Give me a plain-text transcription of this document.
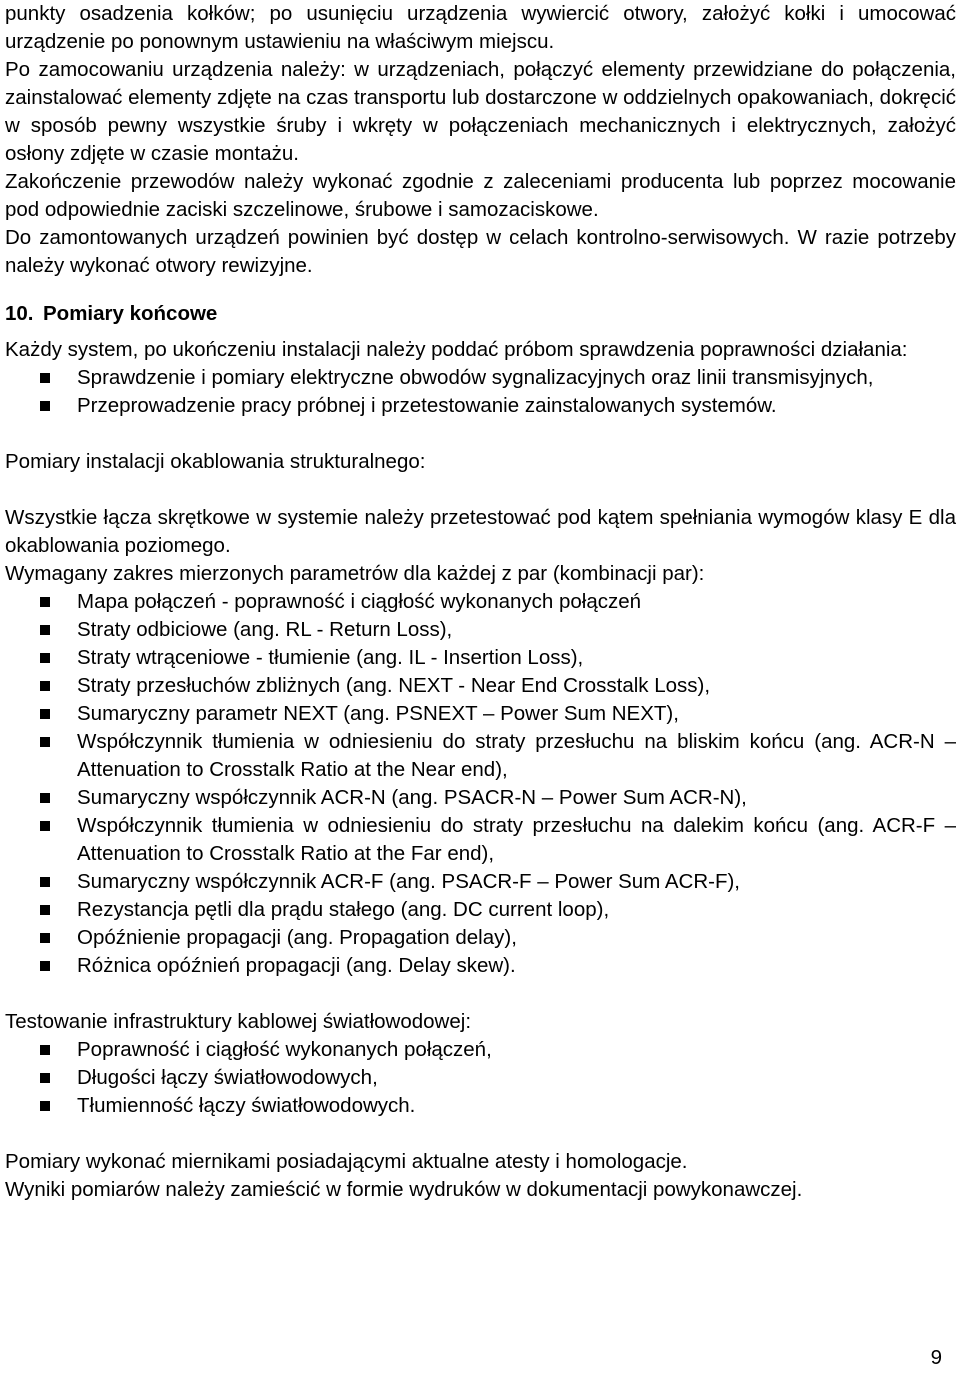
punkty osadzenia kołków; po usunięciu urządzenia wywiercić otwory, założyć kołki i umocować urządzenie po ponownym ustawieniu na właściwym miejscu.

Po zamocowaniu urządzenia należy: w urządzeniach, połączyć elementy przewidziane do połączenia, zainstalować elementy zdjęte na czas transportu lub dostarczone w oddzielnych opakowaniach, dokręcić w sposób pewny wszystkie śruby i wkręty w połączeniach mechanicznych i elektrycznych, założyć osłony zdjęte w czasie montażu.

Zakończenie przewodów należy wykonać zgodnie z zaleceniami producenta lub poprzez mocowanie pod odpowiednie zaciski szczelinowe, śrubowe i samozaciskowe.

Do zamontowanych urządzeń powinien być dostęp w celach kontrolno-serwisowych. W razie potrzeby należy wykonać otwory rewizyjne.

10. Pomiary końcowe

Każdy system, po ukończeniu instalacji należy poddać próbom sprawdzenia poprawności działania:

Sprawdzenie i pomiary elektryczne obwodów sygnalizacyjnych oraz linii transmisyjnych,
Przeprowadzenie pracy próbnej i przetestowanie zainstalowanych systemów.

Pomiary instalacji okablowania strukturalnego:

Wszystkie łącza skrętkowe w systemie należy przetestować pod kątem spełniania wymogów klasy E dla okablowania poziomego.

Wymagany zakres mierzonych parametrów dla każdej z par (kombinacji par):

Mapa połączeń - poprawność i ciągłość wykonanych połączeń
Straty odbiciowe (ang. RL - Return Loss),
Straty wtrąceniowe - tłumienie (ang. IL - Insertion Loss),
Straty przesłuchów zbliżnych (ang. NEXT - Near End Crosstalk Loss),
Sumaryczny parametr NEXT (ang. PSNEXT – Power Sum NEXT),
Współczynnik tłumienia w odniesieniu do straty przesłuchu na bliskim końcu (ang. ACR-N – Attenuation to Crosstalk Ratio at the Near end),
Sumaryczny współczynnik ACR-N (ang. PSACR-N – Power Sum ACR-N),
Współczynnik tłumienia w odniesieniu do straty przesłuchu na dalekim końcu (ang. ACR-F – Attenuation to Crosstalk Ratio at the Far end),
Sumaryczny współczynnik ACR-F (ang. PSACR-F – Power Sum ACR-F),
Rezystancja pętli dla prądu stałego (ang. DC current loop),
Opóźnienie propagacji (ang. Propagation delay),
Różnica opóźnień propagacji (ang. Delay skew).

Testowanie infrastruktury kablowej światłowodowej:

Poprawność i ciągłość wykonanych połączeń,
Długości łączy światłowodowych,
Tłumienność łączy światłowodowych.

Pomiary wykonać miernikami posiadającymi aktualne atesty i homologacje.

Wyniki pomiarów należy zamieścić w formie wydruków w dokumentacji powykonawczej.

9
